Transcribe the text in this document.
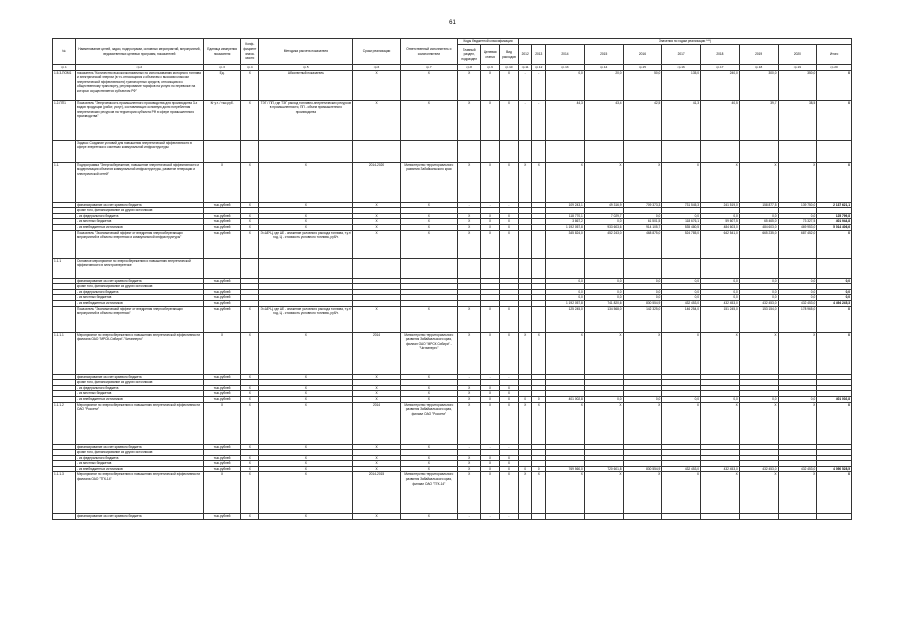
61
№	Наименование целей, задач, подпрограмм, основных мероприятий, мероприятий, ведомственных целевых программ, показателей	Единица измерения показателя	Коэф-фициент значи-мости	Методика расчета показателя	Сроки реализации	Ответственный исполнитель и соисполнители	Коды бюджетной классификации			Значения по годам реализации ***)									
							Главный раздел, подраздел	Целевая статья	Вид расходов	2012	2013	2014	2015	2016	2017	2018	2019	2020	Итого
гр.1	гр.2	гр.3	гр.4	гр.5	гр.6	гр.7	гр.8	гр.9	гр.10	гр.11	гр.12	гр.13	гр.14	гр.15	гр.16	гр.17	гр.18	гр.19	гр.20
1.5.3-ПОМ1	показатель "Количество высокоэкономичных по использованию моторного топлива и электрической энергии (в т.ч.относящихся к объектам с высоким классом энергетической эффективности) транспортных средств, относящихся к общественному транспорту, регулирование тарифов на услуги по перевозке на которых осуществляется субъектом РФ"	Ед.	Х	Абсолютный показатель	Х	Х	Х	Х	Х	-	-	0,0	20,0	50,0	135,0	240,0	300,0	350,0	Х
1.2-ПП1	Показатель "Энергоемкость промышленного производства для производства 3-х видов продукции (работ, услуг), составляющих основную долю потребления энергетических ресурсов на территории субъекта РФ в сфере промышленного производства"	Кг у.т. / тыс.руб.	Х	ТЭГ / ПП, где ТЭГ расход топливно-энергетических ресурсов в промышленности, ПП - объем промышленного производства	Х	Х	Х	Х	Х	-	-	44,3	43,4	42,5	41,3	40,5	39,7	38,5	Х
	Задача: Создание условий для повышения энергетической эффективности в сфере энергетики и системах коммунальной инфраструктуры																		
1.1.	Подпрограмма "Энергосбережение, повышение энергетической эффективности и модернизация объектов коммунальной инфраструктуры, развитие генерации и электрической сетей"	Х	Х	Х	2014-2020	Министерство территориального развития Забайкальского края	Х	Х	Х	Х	Х	Х	Х	Х	Х	Х	Х	Х	Х
	финансирование за счет краевого бюджета	тыс.рублей	Х	Х	Х	Х	-	-	-			109 243,1	49 316,9	709 373,3	731 545,3	241 519,0	158 877,5	139 750,0	2 137 621,1
	кроме того, финансирование из других источников:																		
	- из федерального бюджета	тыс.рублей	Х	Х	Х	Х	Х	Х	Х			118 770,1	7 029,7	0,0	0,0	0,0	0,0	0,0	125 799,8
	- из местных бюджетов	тыс.рублей	Х	Х	Х	Х	Х	Х	Х			3 867,2	0,0	61 501,5	118 676,1	59 607,5	65 465,0	73 327,5	401 944,8
	- из внебюджетных источников	тыс.рублей	Х	Х	Х	Х	Х	Х	Х			1 192 057,8	933 603,6	914 105,7	535 480,5	484 603,0	484 603,0	469 953,0	5 014 406,6
	Показатель "Экономический эффект от внедрения энергосберегающих мероприятий в объекты энергетики и коммунальной инфраструктуры"	тыс.рублей	Х	Э=ΔЕ*Ц, где ΔЕ - снижение условного расхода топлива, т.у.т/год, Ц - стоимость условного топлива, руб/т.	Х	Х	Х	Х	Х			345 824,0	452 243,0	468 875,0	524 785,0	642 541,0	665 235,0	687 452,0	Х
1.1.1	Основное мероприятие по энергосбережению и повышению энергетической эффективности в электроэнергетике																		
	финансирование за счет краевого бюджета	тыс.рублей										0,0	0,0	0,0	0,0	0,0	0,0	0,0	0,0
	кроме того, финансирование из других источников:																		
	- из федерального бюджета	тыс.рублей										0,0	0,0	0,0	0,0	0,0	0,0	0,0	0,0
	- из местных бюджетов	тыс.рублей										0,0	0,0	0,0	0,0	0,0	0,0	0,0	0,0
	- из внебюджетных источников	тыс.рублей										1 192 057,8	741 820,6	830 554,9	432 453,0	432 453,0	432 453,0	432 453,0	4 494 245,3
	Показатель "Экономический эффект от внедрения энергосберегающих мероприятий в объекты энергетики"	тыс.рублей	Х	Э=ΔЕ*Ц, где ΔЕ - снижение условного расхода топлива, т.у.т/год, Ц - стоимость условного топлива, руб/т.	Х	Х	Х	Х	Х			125 245,0	134 568,0	142 325,0	146 254,0	151 245,0	153 154,0	178 965,0	Х
1.1.1.1	Мероприятие по энергосбережению и повышению энергетической эффективности филиала ОАО "МРСК-Сибири"-"Читаэнерго"	Х	Х	Х	2014	Министерство территориального развития Забайкальского края, филиал ОАО "МРСК Сибири" - "Читаэнерго"	Х	Х	Х	Х	Х	Х	Х	Х	Х	Х	Х	Х	Х
	финансирование за счет краевого бюджета	тыс.рублей	Х	Х	Х	Х	-	-	-										
	кроме того, финансирование из других источников:																		
	- из федерального бюджета	тыс.рублей	Х	Х	Х	Х	Х	Х	Х										
	- из местных бюджетов	тыс.рублей	Х	Х	Х	Х	Х	Х	Х										
	- из внебюджетных источников	тыс.рублей	Х	Х	Х	Х	Х	Х	Х	0	0	401 002,8	0,0	0,0	0,0	0,0	0,0	0,0	401 002,8
1.1.1.2	Мероприятие по энергосбережению и повышению энергетической эффективности ОАО "Россети"	Х	Х	Х	2014	Министерство территориального развития Забайкальского края, филиал ОАО "Россети"	Х	Х	Х	Х	Х	Х	Х	Х	Х	Х	Х	Х	Х
	финансирование за счет краевого бюджета	тыс.рублей	Х	Х	Х	Х	-	-	-										
	кроме того, финансирование из других источников:																		
	- из федерального бюджета	тыс.рублей	Х	Х	Х	Х	Х	Х	Х										
	- из местных бюджетов	тыс.рублей	Х	Х	Х	Х	Х	Х	Х										
	- из внебюджетных источников	тыс.рублей	Х	Х	Х	Х	Х	Х	Х	0	0	769 560,0	720 601,8	830 554,9	432 453,0	432 453,0	432 453,0	432 453,0	4 050 528,5
1.1.1.3	Мероприятие по энергосбережению и повышению энергетической эффективности филиала ОАО "ТГК-14"	Х	Х	Х	2014-2015	Министерство территориального развития Забайкальского края, филиал ОАО "ТГК-14"	Х	Х	Х	Х	Х	Х	Х	Х	Х	Х	Х	Х	Х
	финансирование за счет краевого бюджета	тыс.рублей	Х	Х	Х	Х	-	-	-										
